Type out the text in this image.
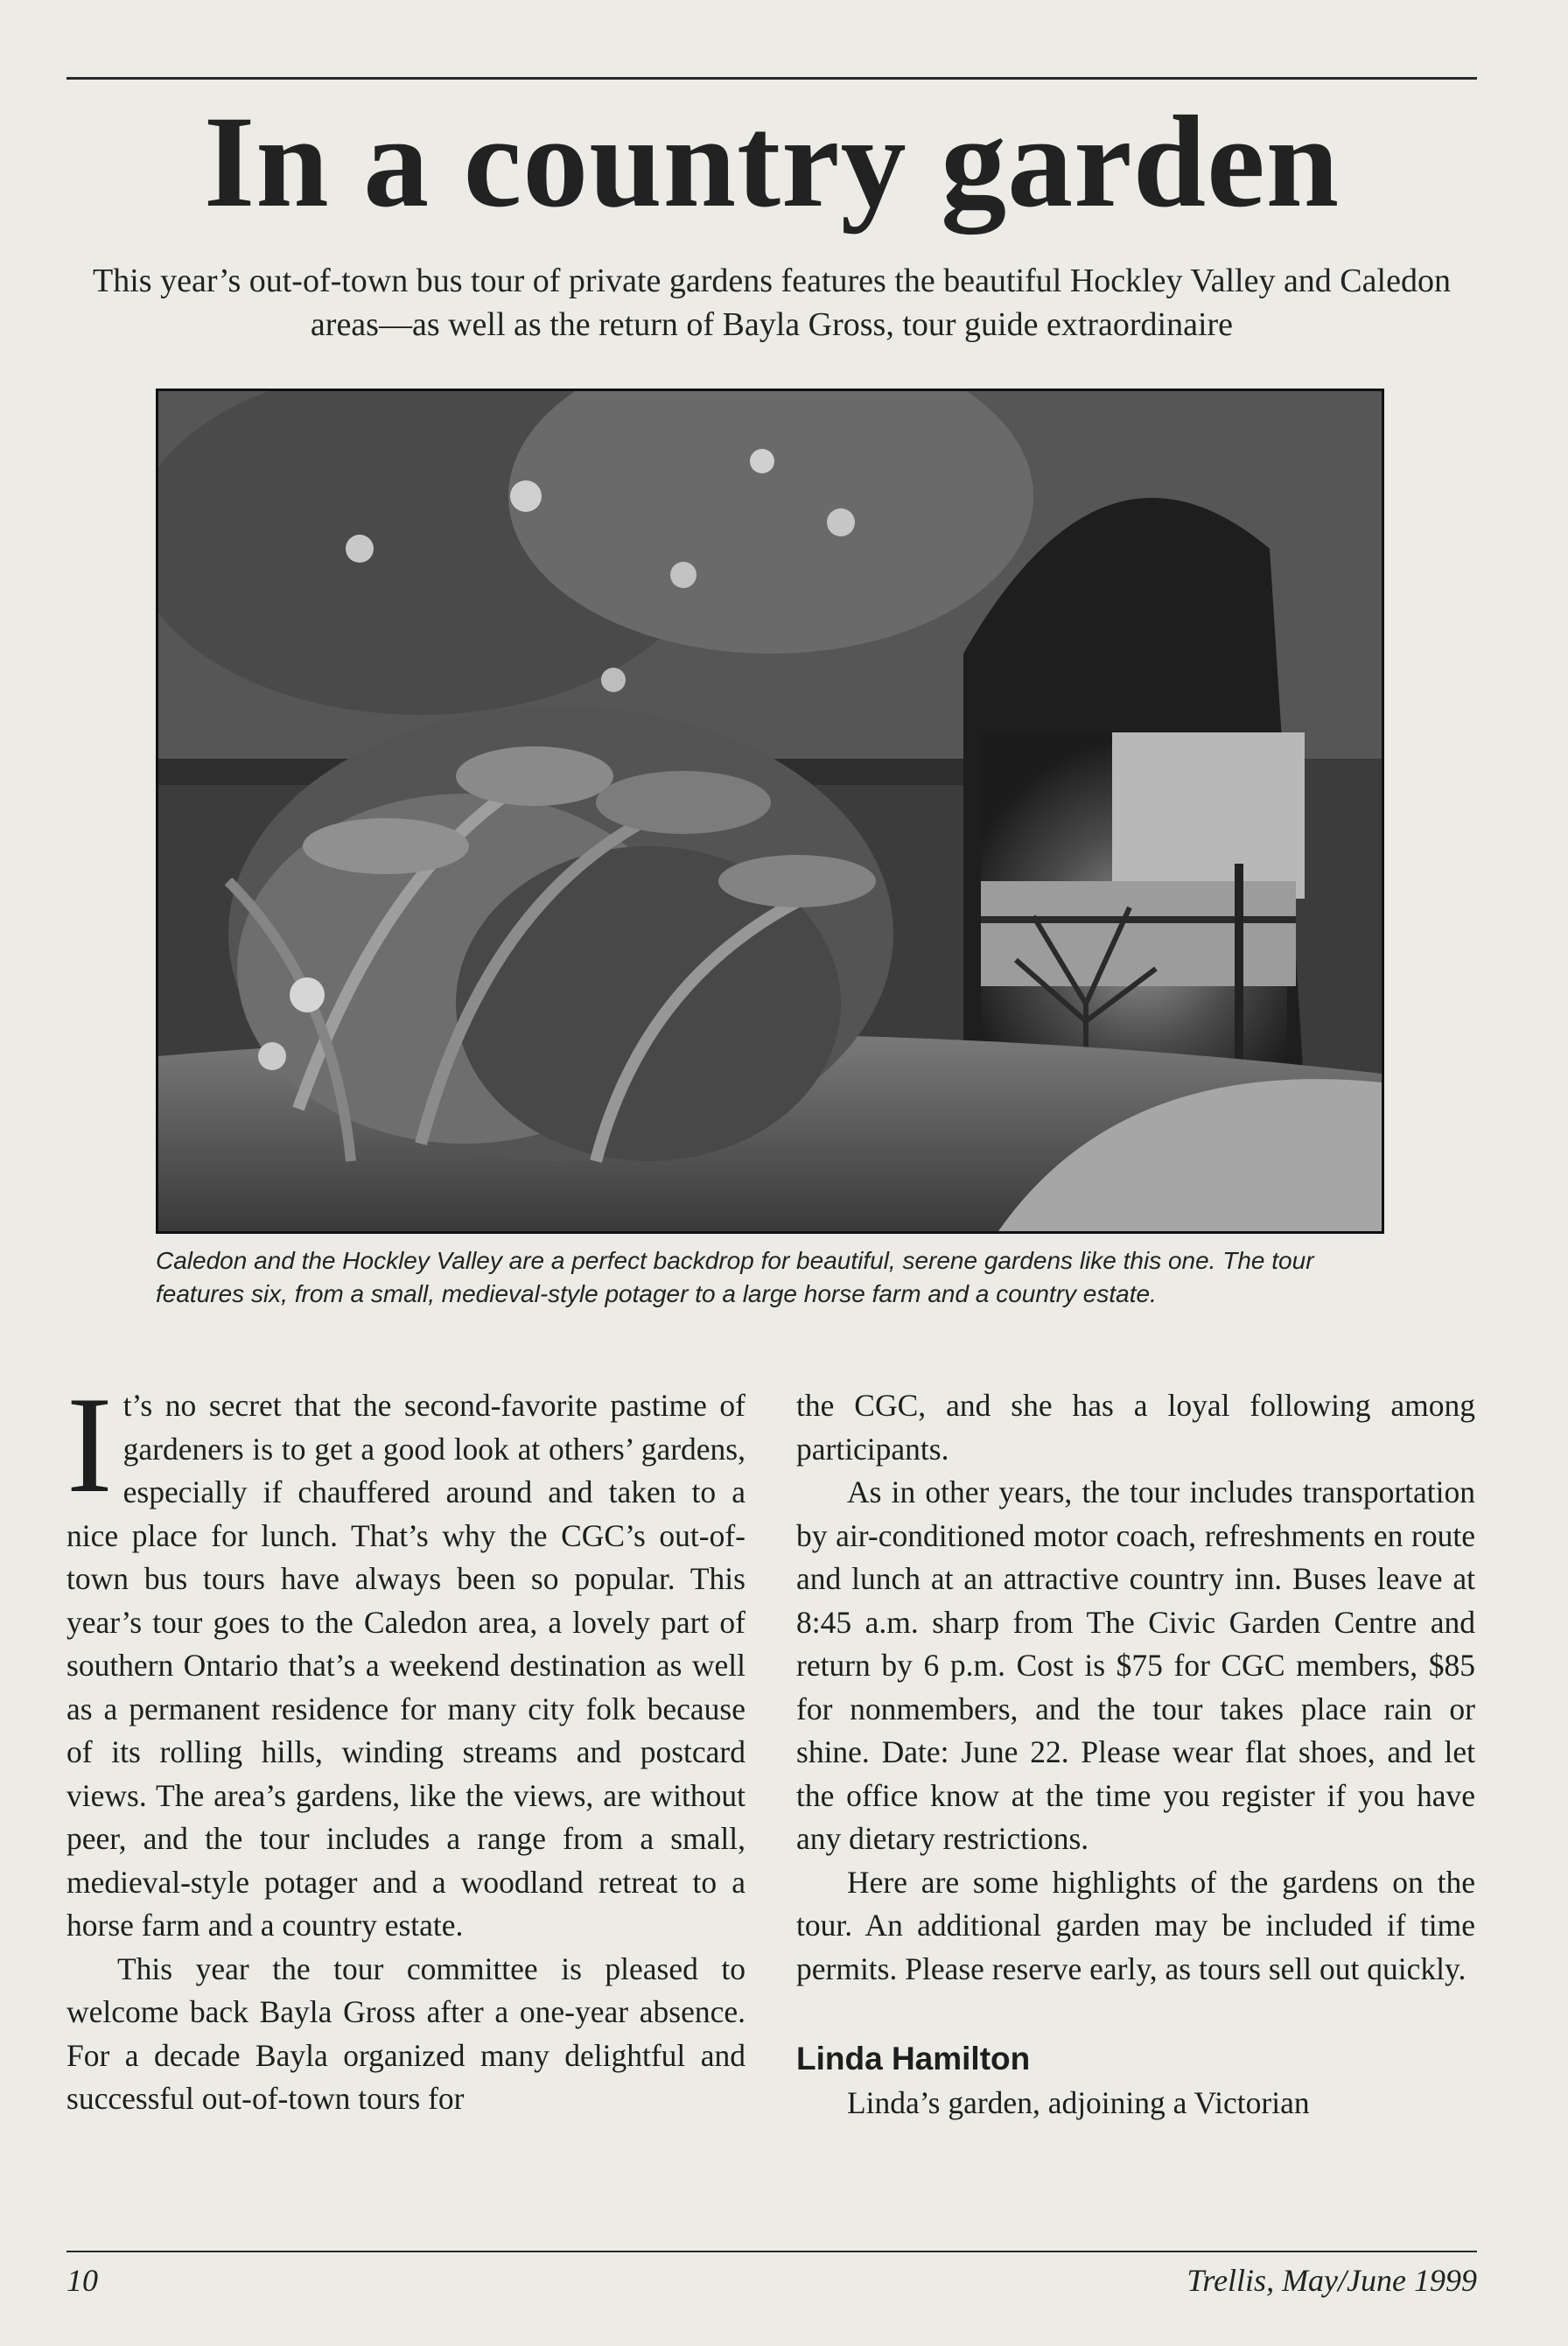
In a country garden

This year’s out-of-town bus tour of private gardens features the beautiful Hockley Valley and Caledon areas—as well as the return of Bayla Gross, tour guide extraordinaire

Caledon and the Hockley Valley are a perfect backdrop for beautiful, serene gardens like this one. The tour features six, from a small, medieval-style potager to a large horse farm and a country estate.

It’s no secret that the second-favorite pastime of gardeners is to get a good look at others’ gardens, especially if chauffered around and taken to a nice place for lunch. That’s why the CGC’s out-of-town bus tours have always been so popular. This year’s tour goes to the Caledon area, a lovely part of southern Ontario that’s a weekend destination as well as a permanent residence for many city folk because of its rolling hills, winding streams and postcard views. The area’s gardens, like the views, are without peer, and the tour includes a range from a small, medieval-style potager and a woodland retreat to a horse farm and a country estate.

This year the tour committee is pleased to welcome back Bayla Gross after a one-year absence. For a decade Bayla organized many delightful and successful out-of-town tours for

the CGC, and she has a loyal following among participants.

As in other years, the tour includes transportation by air-conditioned motor coach, refreshments en route and lunch at an attractive country inn. Buses leave at 8:45 a.m. sharp from The Civic Garden Centre and return by 6 p.m. Cost is $75 for CGC members, $85 for nonmembers, and the tour takes place rain or shine. Date: June 22. Please wear flat shoes, and let the office know at the time you register if you have any dietary restrictions.

Here are some highlights of the gardens on the tour. An additional garden may be included if time permits. Please reserve early, as tours sell out quickly.

Linda Hamilton

Linda’s garden, adjoining a Victorian

10	Trellis, May/June 1999
